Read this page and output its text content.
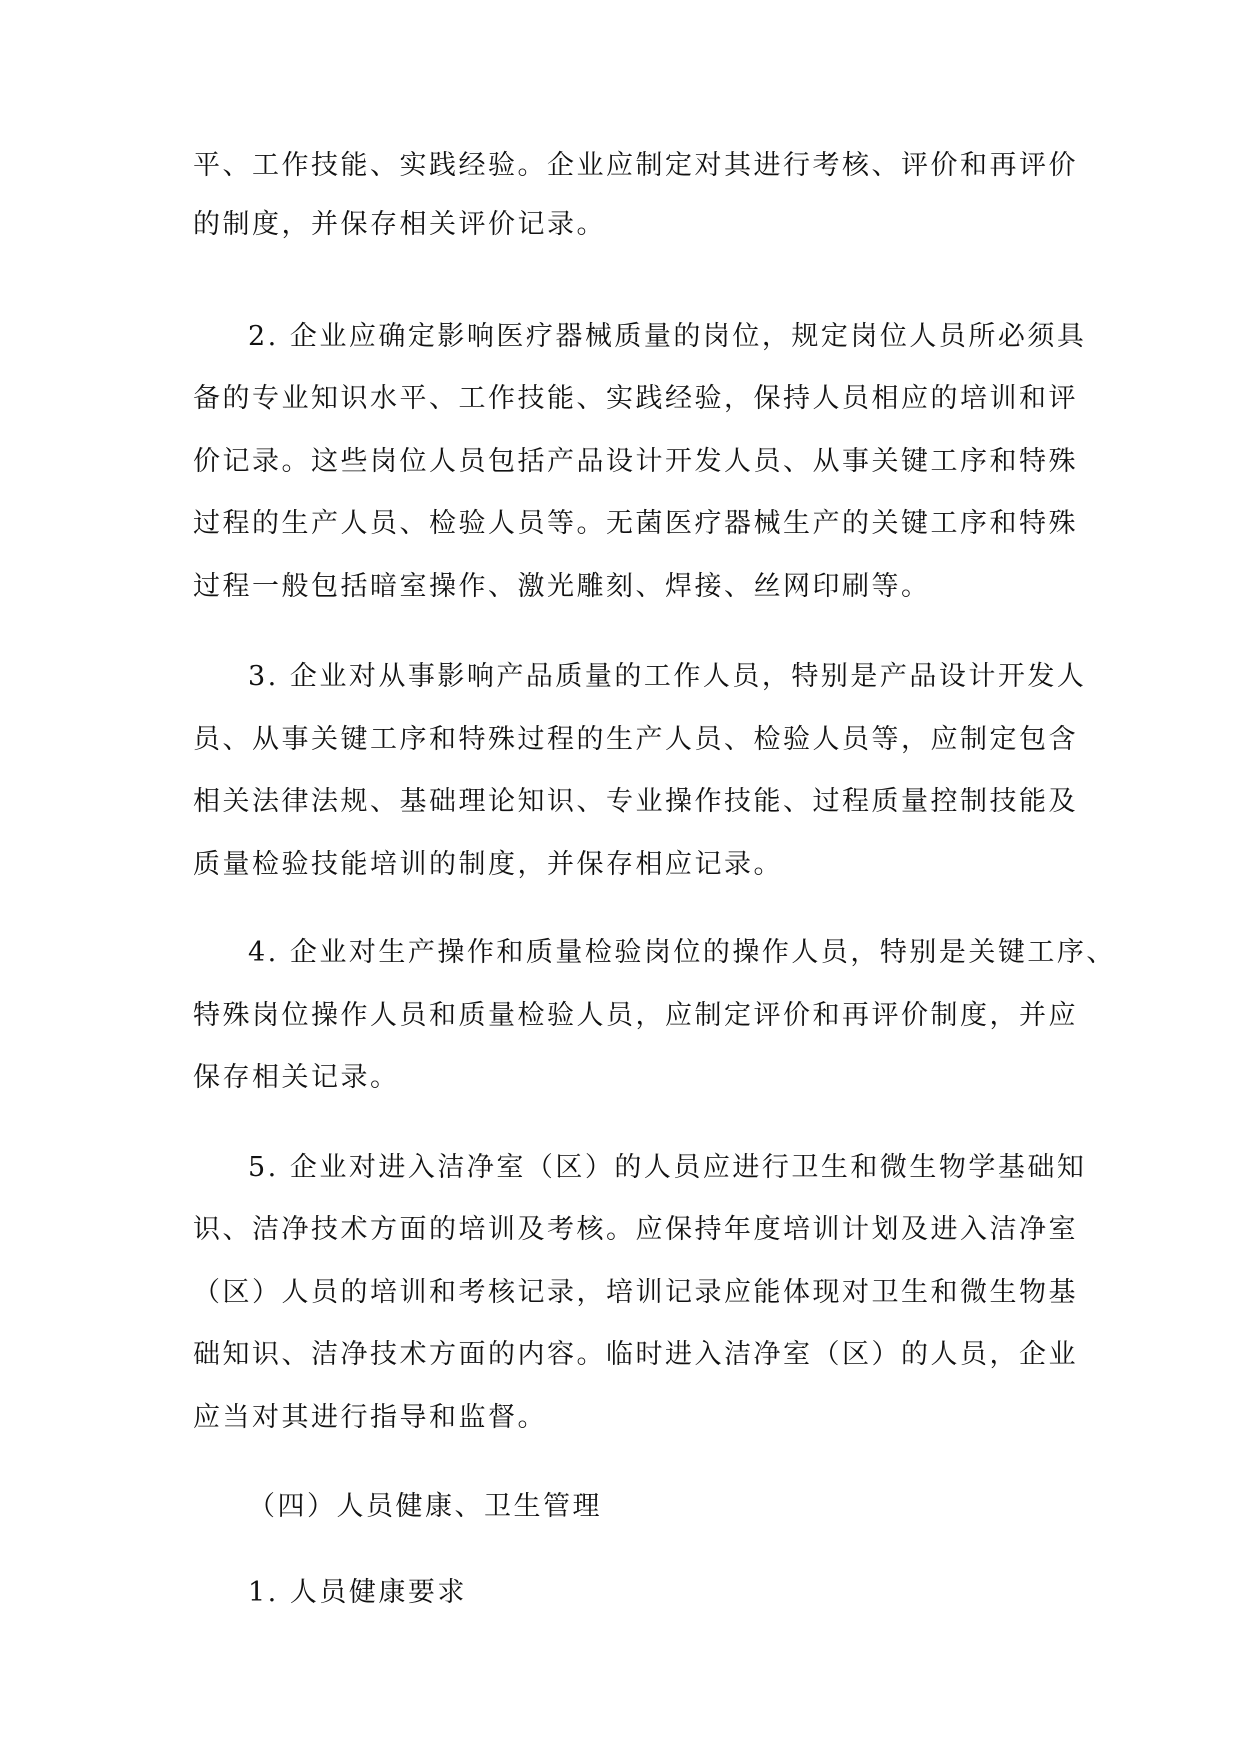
平、工作技能、实践经验。企业应制定对其进行考核、评价和再评价
的制度，并保存相关评价记录。
2. 企业应确定影响医疗器械质量的岗位，规定岗位人员所必须具
备的专业知识水平、工作技能、实践经验，保持人员相应的培训和评
价记录。这些岗位人员包括产品设计开发人员、从事关键工序和特殊
过程的生产人员、检验人员等。无菌医疗器械生产的关键工序和特殊
过程一般包括暗室操作、激光雕刻、焊接、丝网印刷等。
3. 企业对从事影响产品质量的工作人员，特别是产品设计开发人
员、从事关键工序和特殊过程的生产人员、检验人员等，应制定包含
相关法律法规、基础理论知识、专业操作技能、过程质量控制技能及
质量检验技能培训的制度，并保存相应记录。
4. 企业对生产操作和质量检验岗位的操作人员，特别是关键工序、
特殊岗位操作人员和质量检验人员，应制定评价和再评价制度，并应
保存相关记录。
5. 企业对进入洁净室（区）的人员应进行卫生和微生物学基础知
识、洁净技术方面的培训及考核。应保持年度培训计划及进入洁净室
（区）人员的培训和考核记录，培训记录应能体现对卫生和微生物基
础知识、洁净技术方面的内容。临时进入洁净室（区）的人员，企业
应当对其进行指导和监督。
（四）人员健康、卫生管理
1. 人员健康要求
